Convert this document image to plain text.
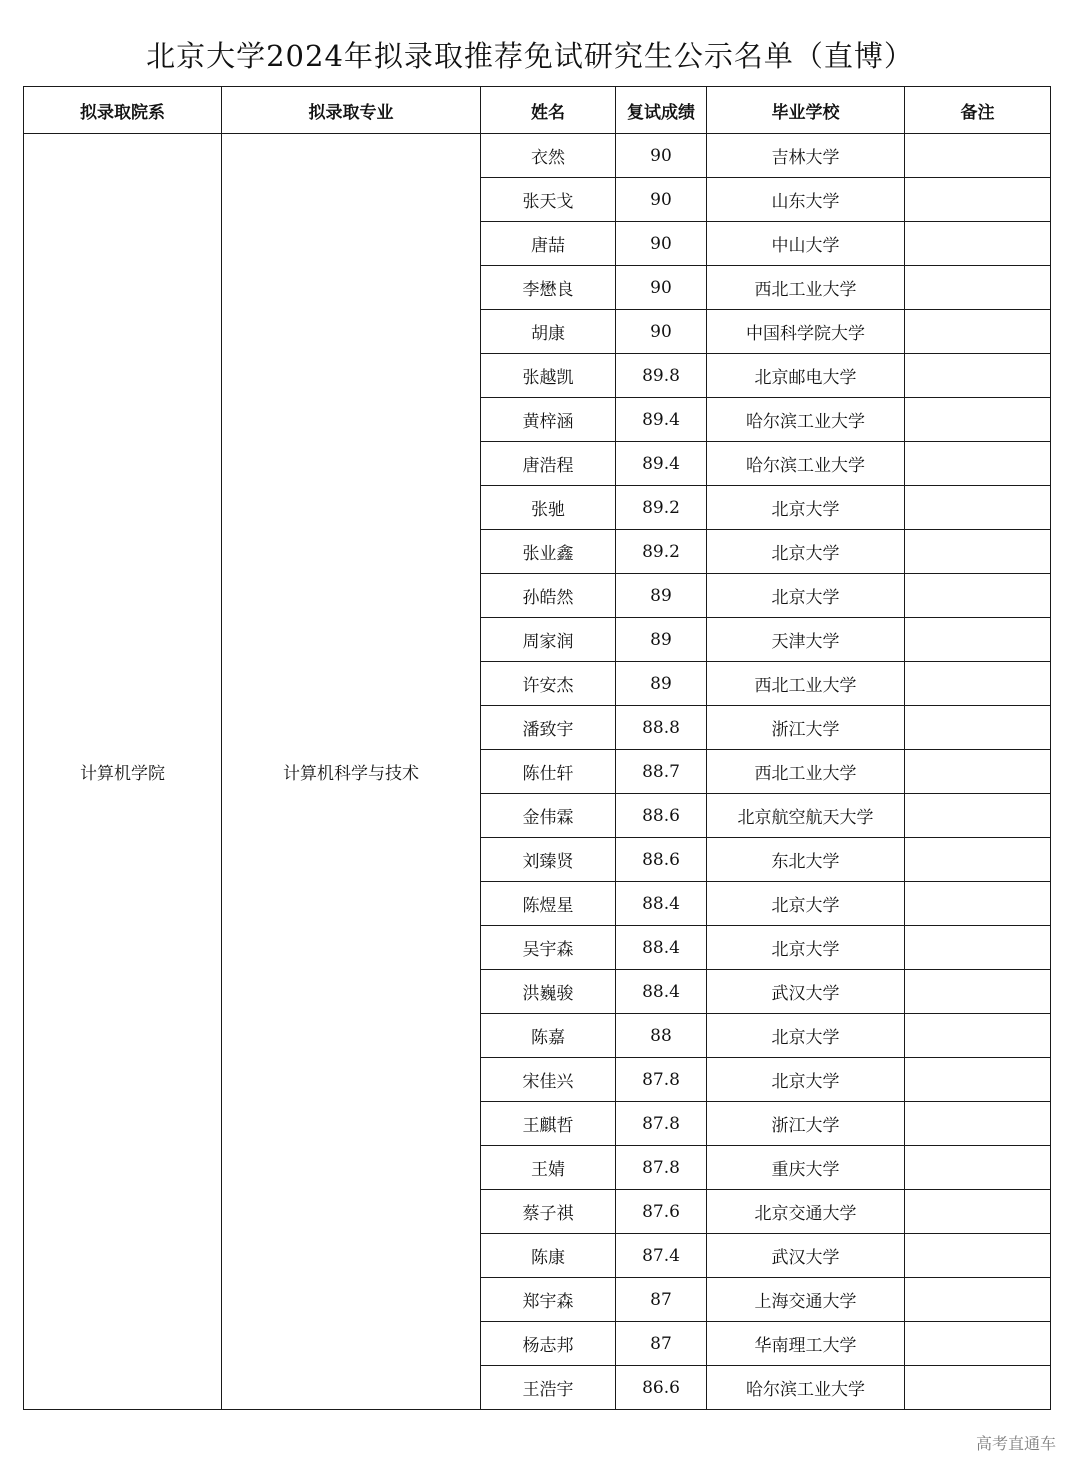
北京大学2024年拟录取推荐免试研究生公示名单（直博）
拟录取院系	拟录取专业	姓名	复试成绩	毕业学校	备注
计算机学院	计算机科学与技术	衣然	90	吉林大学	
		张天戈	90	山东大学	
		唐喆	90	中山大学	
		李懋良	90	西北工业大学	
		胡康	90	中国科学院大学	
		张越凯	89.8	北京邮电大学	
		黄梓涵	89.4	哈尔滨工业大学	
		唐浩程	89.4	哈尔滨工业大学	
		张驰	89.2	北京大学	
		张业鑫	89.2	北京大学	
		孙皓然	89	北京大学	
		周家润	89	天津大学	
		许安杰	89	西北工业大学	
		潘致宇	88.8	浙江大学	
		陈仕轩	88.7	西北工业大学	
		金伟霖	88.6	北京航空航天大学	
		刘臻贤	88.6	东北大学	
		陈煜星	88.4	北京大学	
		吴宇森	88.4	北京大学	
		洪巍骏	88.4	武汉大学	
		陈嘉	88	北京大学	
		宋佳兴	87.8	北京大学	
		王麒哲	87.8	浙江大学	
		王婧	87.8	重庆大学	
		蔡子祺	87.6	北京交通大学	
		陈康	87.4	武汉大学	
		郑宇森	87	上海交通大学	
		杨志邦	87	华南理工大学	
		王浩宇	86.6	哈尔滨工业大学	
高考直通车
